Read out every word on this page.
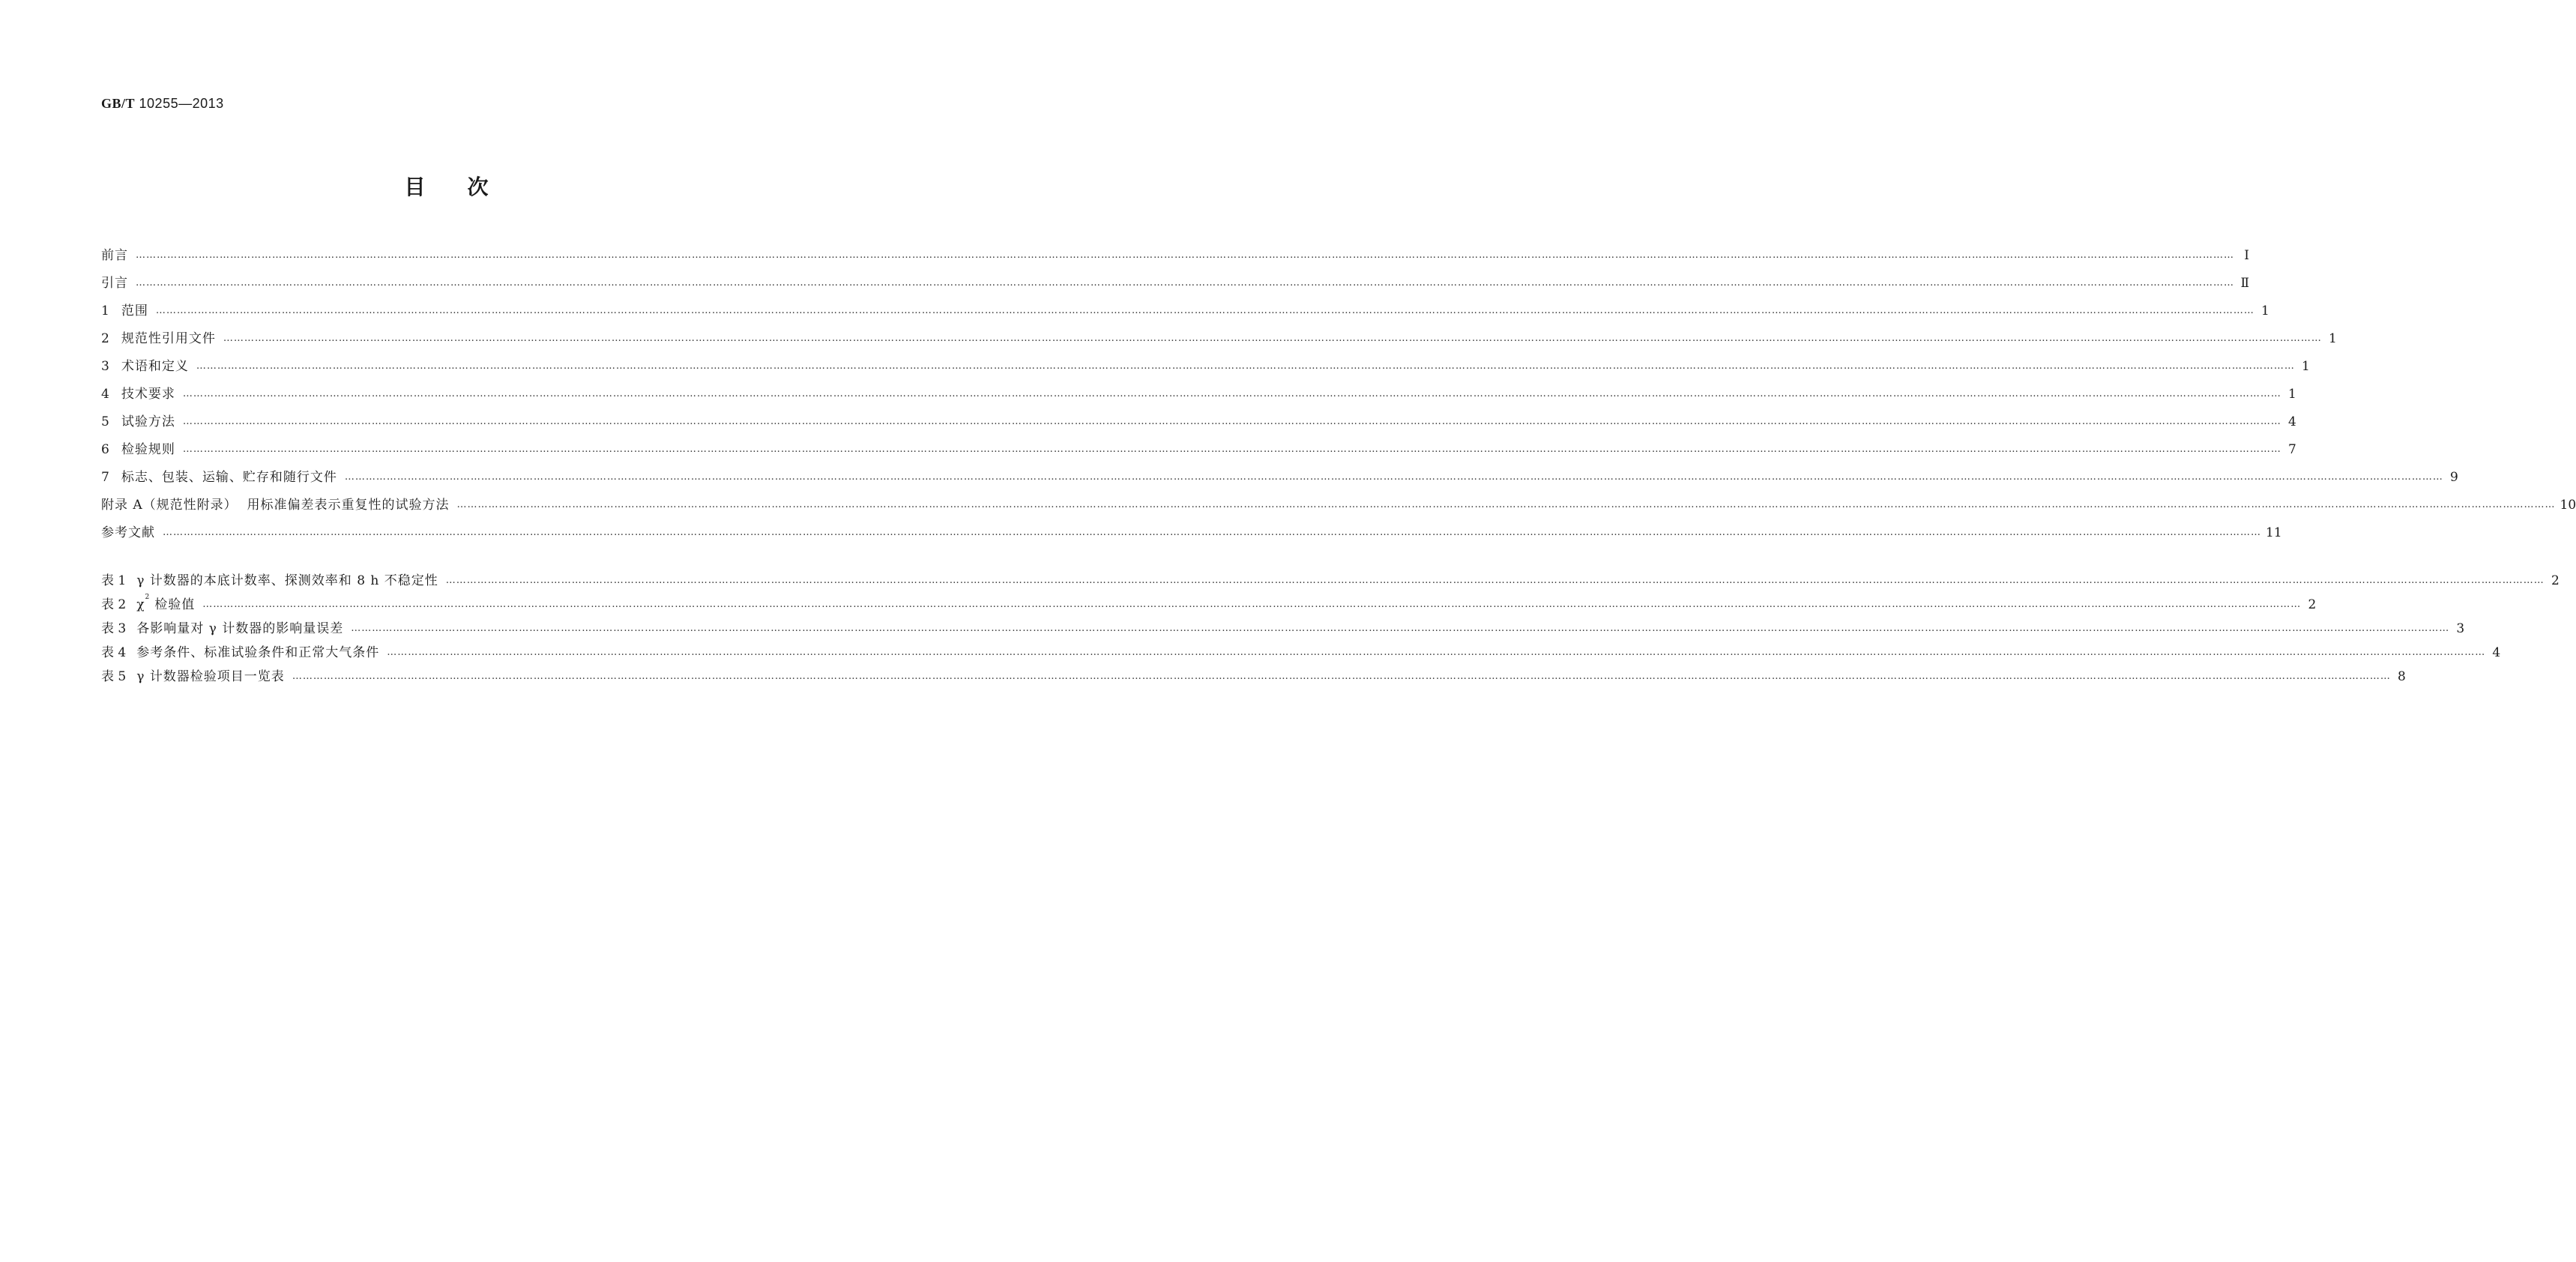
GB/T 10255—2013
目次
前言 …………………………………………………………………………………………………………………………………………………………………………………………………………………………………………………………………………………………………………………………………………………………………………………………………………………………………………………………………………………………………………………………………………………… Ⅰ
引言 …………………………………………………………………………………………………………………………………………………………………………………………………………………………………………………………………………………………………………………………………………………………………………………………………………………………………………………………………………………………………………………………………………………… Ⅱ
1 范围 …………………………………………………………………………………………………………………………………………………………………………………………………………………………………………………………………………………………………………………………………………………………………………………………………………………………………………………………………………………………………………………………………………………… 1
2 规范性引用文件 …………………………………………………………………………………………………………………………………………………………………………………………………………………………………………………………………………………………………………………………………………………………………………………………………………………………………………………………………………………………………………………………………………………… 1
3 术语和定义 …………………………………………………………………………………………………………………………………………………………………………………………………………………………………………………………………………………………………………………………………………………………………………………………………………………………………………………………………………………………………………………………………………………… 1
4 技术要求 …………………………………………………………………………………………………………………………………………………………………………………………………………………………………………………………………………………………………………………………………………………………………………………………………………………………………………………………………………………………………………………………………………………… 1
5 试验方法 …………………………………………………………………………………………………………………………………………………………………………………………………………………………………………………………………………………………………………………………………………………………………………………………………………………………………………………………………………………………………………………………………………………… 4
6 检验规则 …………………………………………………………………………………………………………………………………………………………………………………………………………………………………………………………………………………………………………………………………………………………………………………………………………………………………………………………………………………………………………………………………………………… 7
7 标志、包装、运输、贮存和随行文件 …………………………………………………………………………………………………………………………………………………………………………………………………………………………………………………………………………………………………………………………………………………………………………………………………………………………………………………………………………………………………………………………………………………… 9
附录 A（规范性附录）  用标准偏差表示重复性的试验方法 …………………………………………………………………………………………………………………………………………………………………………………………………………………………………………………………………………………………………………………………………………………………………………………………………………………………………………………………………………………………………………………………………………………… 10
参考文献 …………………………………………………………………………………………………………………………………………………………………………………………………………………………………………………………………………………………………………………………………………………………………………………………………………………………………………………………………………………………………………………………………………………… 11
表 1 γ 计数器的本底计数率、探测效率和 8 h 不稳定性 …………………………………………………………………………………………………………………………………………………………………………………………………………………………………………………………………………………………………………………………………………………………………………………………………………………………………………………………………………………………………………………………………………………… 2
表 2 $\chi^2$ 检验值 …………………………………………………………………………………………………………………………………………………………………………………………………………………………………………………………………………………………………………………………………………………………………………………………………………………………………………………………………………………………………………………………………………………… 2
表 3 各影响量对 γ 计数器的影响量误差 …………………………………………………………………………………………………………………………………………………………………………………………………………………………………………………………………………………………………………………………………………………………………………………………………………………………………………………………………………………………………………………………………………………… 3
表 4 参考条件、标准试验条件和正常大气条件 …………………………………………………………………………………………………………………………………………………………………………………………………………………………………………………………………………………………………………………………………………………………………………………………………………………………………………………………………………………………………………………………………………………… 4
表 5 γ 计数器检验项目一览表 …………………………………………………………………………………………………………………………………………………………………………………………………………………………………………………………………………………………………………………………………………………………………………………………………………………………………………………………………………………………………………………………………………………… 8
